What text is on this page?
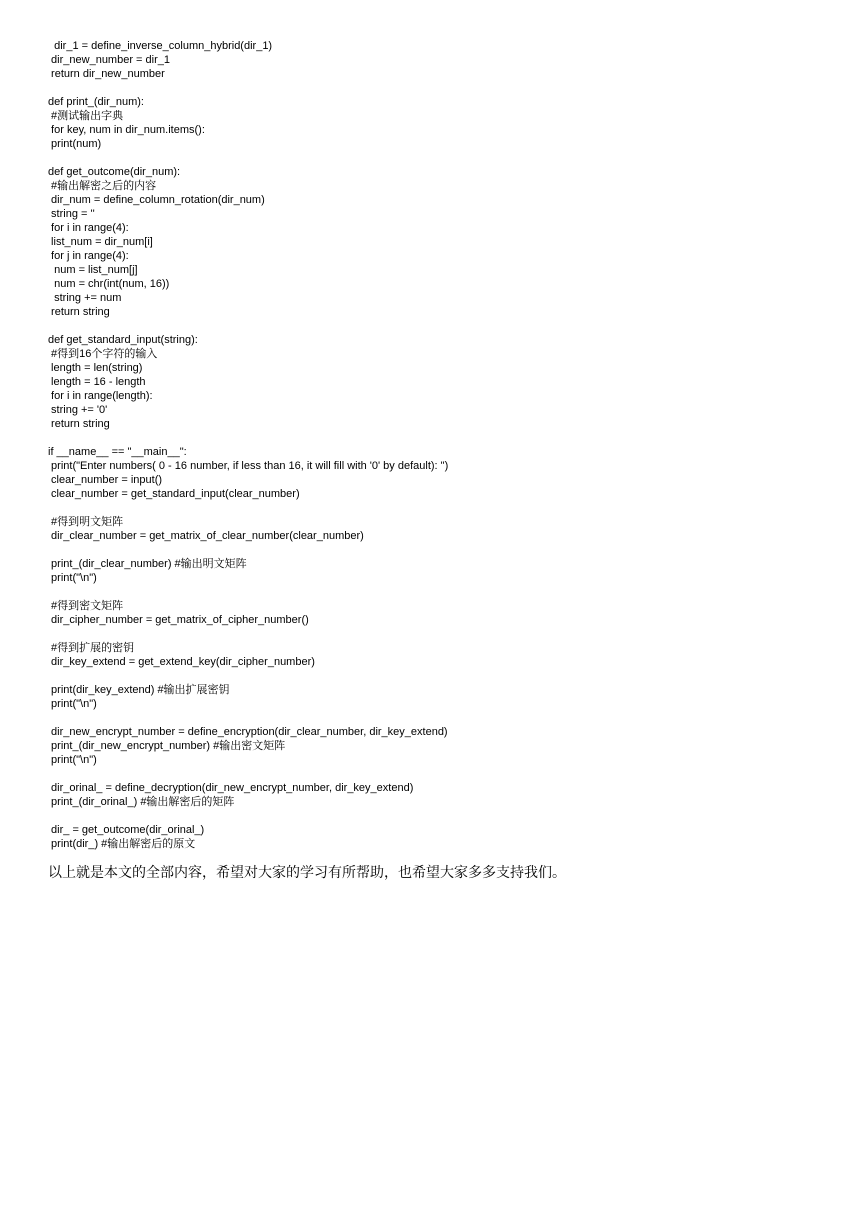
dir_1 = define_inverse_column_hybrid(dir_1)
dir_new_number = dir_1
return dir_new_number
def print_(dir_num):
#测试输出字典
for key, num in dir_num.items():
print(num)
def get_outcome(dir_num):
#输出解密之后的内容
dir_num = define_column_rotation(dir_num)
string = ''
for i in range(4):
list_num = dir_num[i]
for j in range(4):
num = list_num[j]
num = chr(int(num, 16))
string += num
return string
def get_standard_input(string):
#得到16个字符的输入
length = len(string)
length = 16 - length
for i in range(length):
string += '0'
return string
if __name__ == "__main__":
print("Enter numbers( 0 - 16 number, if less than 16, it will fill with '0' by default): ")
clear_number = input()
clear_number = get_standard_input(clear_number)
#得到明文矩阵
dir_clear_number = get_matrix_of_clear_number(clear_number)
print_(dir_clear_number) #输出明文矩阵
print("\n")
#得到密文矩阵
dir_cipher_number = get_matrix_of_cipher_number()
#得到扩展的密钥
dir_key_extend = get_extend_key(dir_cipher_number)
print(dir_key_extend) #输出扩展密钥
print("\n")
dir_new_encrypt_number = define_encryption(dir_clear_number, dir_key_extend)
print_(dir_new_encrypt_number) #输出密文矩阵
print("\n")
dir_orinal_ = define_decryption(dir_new_encrypt_number, dir_key_extend)
print_(dir_orinal_) #输出解密后的矩阵
dir_ = get_outcome(dir_orinal_)
print(dir_) #输出解密后的原文
以上就是本文的全部内容，希望对大家的学习有所帮助，也希望大家多多支持我们。
